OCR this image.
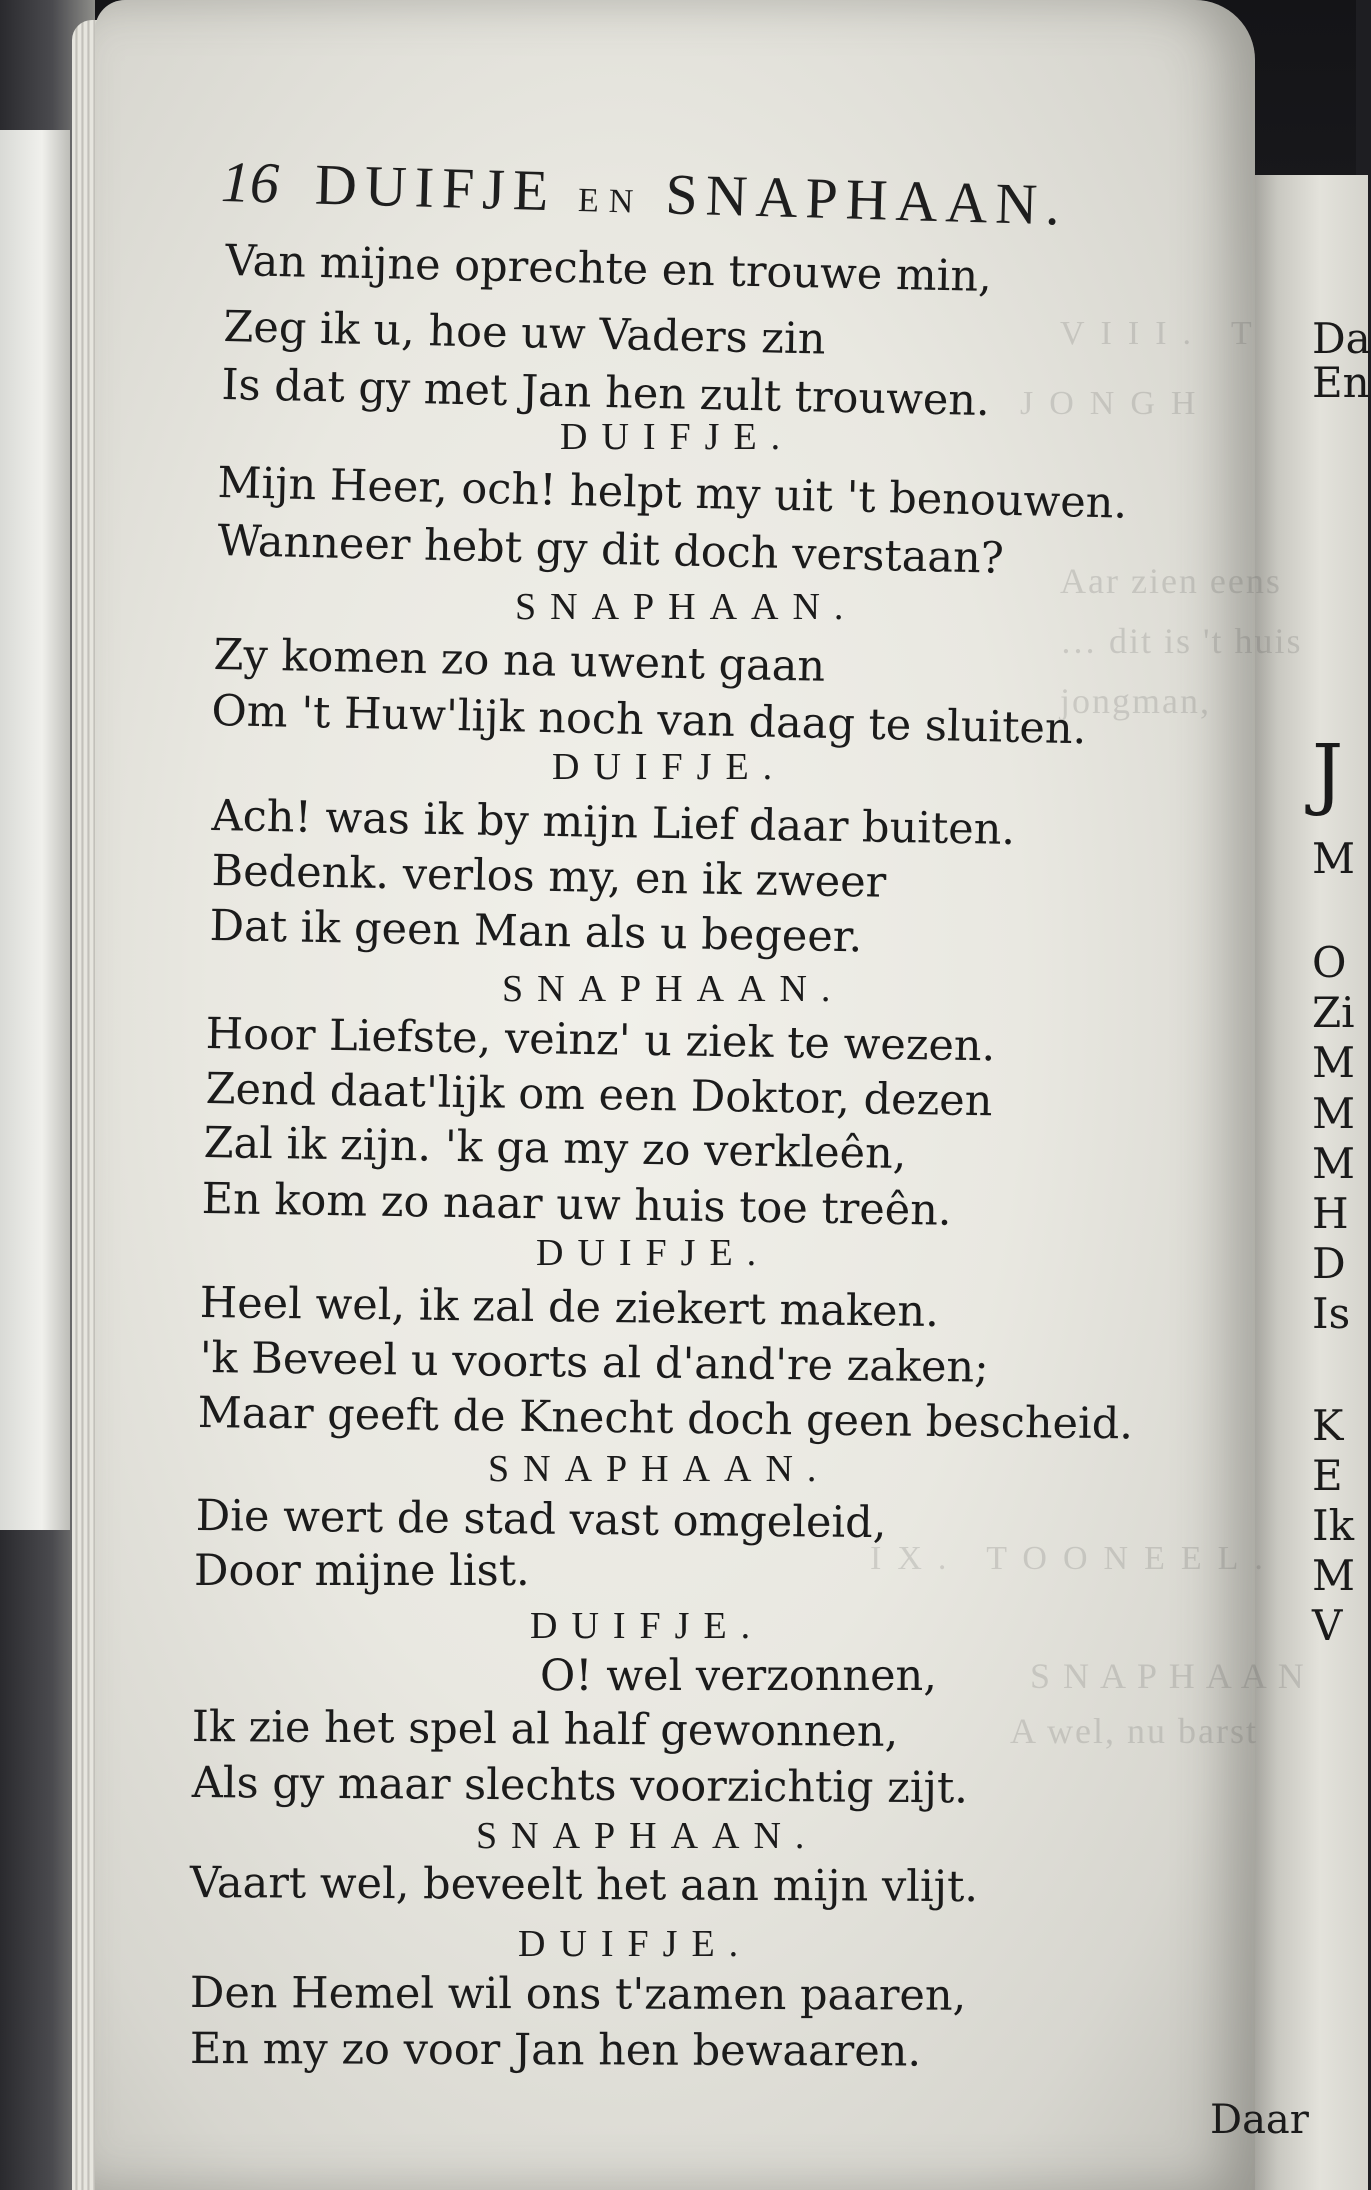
Da
En
J
M
O
Zi
M
M
M
H
D
Is
K
E
Ik
M
V
VIII. T
JONGH
Aar zien eens
… dit is 't huis
jongman,
S N A P H A A N
A wel, nu barst
IX. TOONEEL.
16 DUIFJE EN SNAPHAAN.
Van mijne oprechte en trouwe min,
Zeg ik u, hoe uw Vaders zin
Is dat gy met Jan hen zult trouwen.
DUIFJE.
Mijn Heer, och! helpt my uit 't benouwen.
Wanneer hebt gy dit doch verstaan?
SNAPHAAN.
Zy komen zo na uwent gaan
Om 't Huw'lijk noch van daag te sluiten.
DUIFJE.
Ach! was ik by mijn Lief daar buiten.
Bedenk. verlos my, en ik zweer
Dat ik geen Man als u begeer.
SNAPHAAN.
Hoor Liefste, veinz' u ziek te wezen.
Zend daat'lijk om een Doktor, dezen
Zal ik zijn. 'k ga my zo verkleên,
En kom zo naar uw huis toe treên.
DUIFJE.
Heel wel, ik zal de ziekert maken.
'k Beveel u voorts al d'and're zaken;
Maar geeft de Knecht doch geen bescheid.
SNAPHAAN.
Die wert de stad vast omgeleid,
Door mijne list.
DUIFJE.
O! wel verzonnen,
Ik zie het spel al half gewonnen,
Als gy maar slechts voorzichtig zijt.
SNAPHAAN.
Vaart wel, beveelt het aan mijn vlijt.
DUIFJE.
Den Hemel wil ons t'zamen paaren,
En my zo voor Jan hen bewaaren.
Daar
